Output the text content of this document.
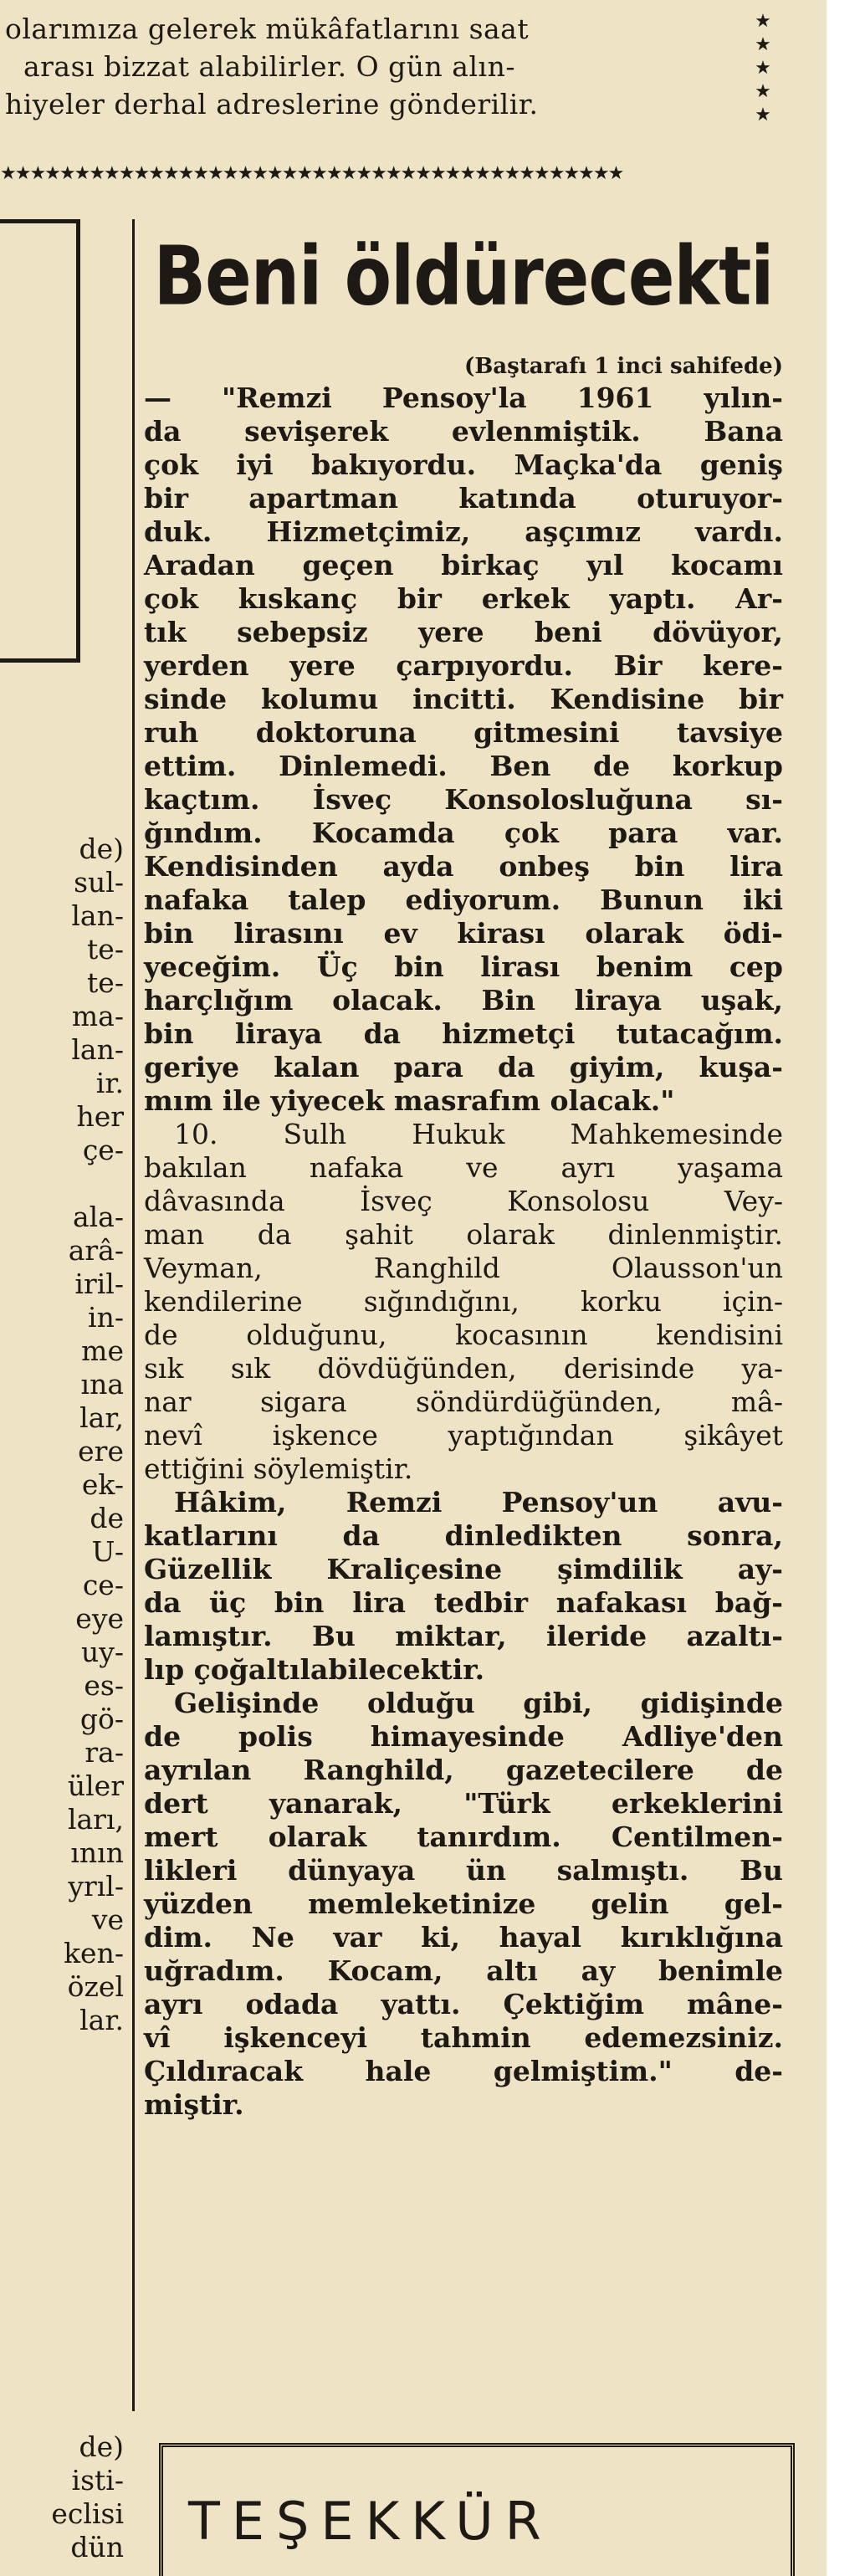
olarımıza gelerek mükâfatlarını saat
arası bizzat alabilirler. O gün alın-
hiyeler derhal adreslerine gönderilir.
★
★
★
★
★
★★★★★★★★★★★★★★★★★★★★★★★★★★★★★★★★★★★★★★★★★★
de)
sul-
lan-
te-
te-
ma-
lan-
ir.
her
çe-
ala-
arâ-
iril-
in-
me
ına
lar,
ere
ek-
de
U-
ce-
eye
uy-
es-
gö-
ra-
üler
ları,
ının
yrıl-
ve
ken-
özel
lar.
de)
isti-
eclisi
dün
Beni öldürecekti
(Baştarafı 1 inci sahifede)
— "Remzi Pensoy'la 1961 yılın-
da sevişerek evlenmiştik. Bana
çok iyi bakıyordu. Maçka'da geniş
bir apartman katında oturuyor-
duk. Hizmetçimiz, aşçımız vardı.
Aradan geçen birkaç yıl kocamı
çok kıskanç bir erkek yaptı. Ar-
tık sebepsiz yere beni dövüyor,
yerden yere çarpıyordu. Bir kere-
sinde kolumu incitti. Kendisine bir
ruh doktoruna gitmesini tavsiye
ettim. Dinlemedi. Ben de korkup
kaçtım. İsveç Konsolosluğuna sı-
ğındım. Kocamda çok para var.
Kendisinden ayda onbeş bin lira
nafaka talep ediyorum. Bunun iki
bin lirasını ev kirası olarak ödi-
yeceğim. Üç bin lirası benim cep
harçlığım olacak. Bin liraya uşak,
bin liraya da hizmetçi tutacağım.
geriye kalan para da giyim, kuşa-
mım ile yiyecek masrafım olacak."
10. Sulh Hukuk Mahkemesinde
bakılan nafaka ve ayrı yaşama
dâvasında İsveç Konsolosu Vey-
man da şahit olarak dinlenmiştir.
Veyman, Ranghild Olausson'un
kendilerine sığındığını, korku için-
de olduğunu, kocasının kendisini
sık sık dövdüğünden, derisinde ya-
nar sigara söndürdüğünden, mâ-
nevî işkence yaptığından şikâyet
ettiğini söylemiştir.
Hâkim, Remzi Pensoy'un avu-
katlarını da dinledikten sonra,
Güzellik Kraliçesine şimdilik ay-
da üç bin lira tedbir nafakası bağ-
lamıştır. Bu miktar, ileride azaltı-
lıp çoğaltılabilecektir.
Gelişinde olduğu gibi, gidişinde
de polis himayesinde Adliye'den
ayrılan Ranghild, gazetecilere de
dert yanarak, "Türk erkeklerini
mert olarak tanırdım. Centilmen-
likleri dünyaya ün salmıştı. Bu
yüzden memleketinize gelin gel-
dim. Ne var ki, hayal kırıklığına
uğradım. Kocam, altı ay benimle
ayrı odada yattı. Çektiğim mâne-
vî işkenceyi tahmin edemezsiniz.
Çıldıracak hale gelmiştim." de-
miştir.
TEŞEKKÜR
